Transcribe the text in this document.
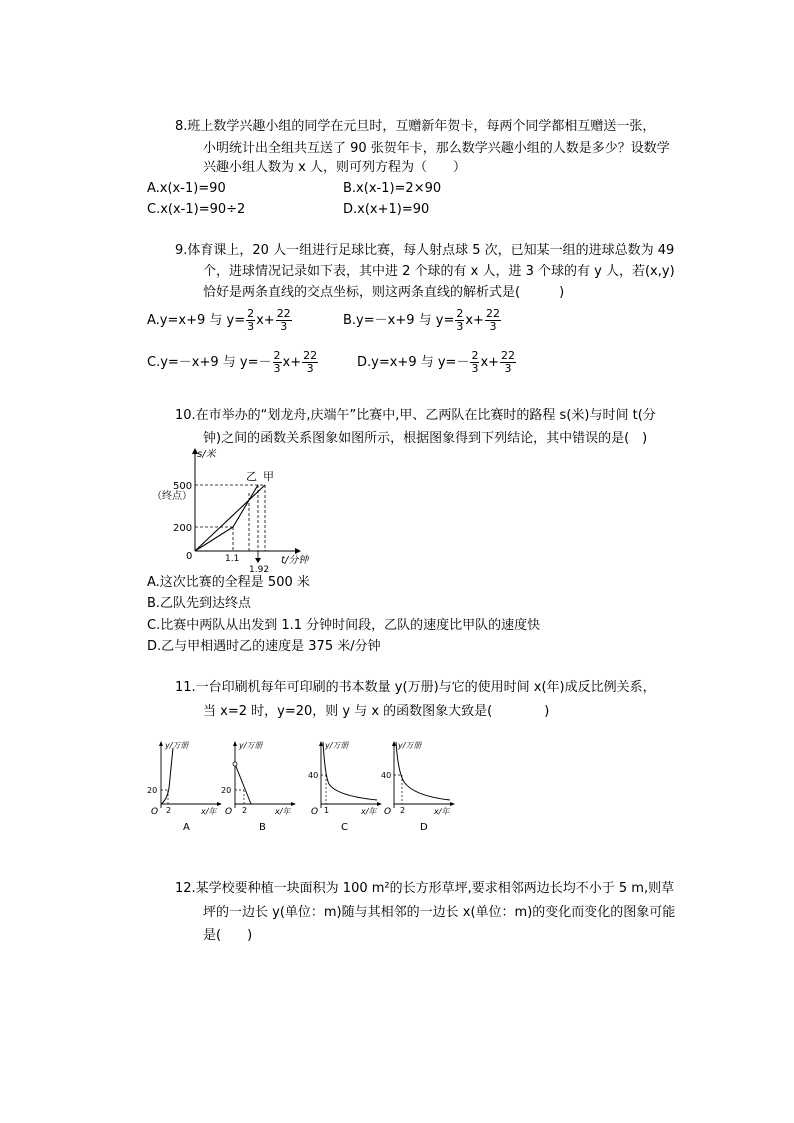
8.班上数学兴趣小组的同学在元旦时，互赠新年贺卡，每两个同学都相互赠送一张，
小明统计出全组共互送了 90 张贺年卡，那么数学兴趣小组的人数是多少？设数学
兴趣小组人数为 x 人，则可列方程为（　　）
A.x(x-1)=90	B.x(x-1)=2×90
C.x(x-1)=90÷2	D.x(x+1)=90
9.体育课上，20 人一组进行足球比赛，每人射点球 5 次，已知某一组的进球总数为 49
个，进球情况记录如下表，其中进 2 个球的有 x 人，进 3 个球的有 y 人，若(x,y)
恰好是两条直线的交点坐标，则这两条直线的解析式是(　　　)
A.y=x+9 与 $y= \frac{2}{3} x+ \frac{22}{3}$	B.y=－x+9 与 $y= \frac{2}{3} x+ \frac{22}{3}$
C.y=－x+9 与 $y=- \frac{2}{3} x+ \frac{22}{3}$	D.y=x+9 与 $y=- \frac{2}{3} x+ \frac{22}{3}$
10.在市举办的“划龙舟,庆端午”比赛中,甲、乙两队在比赛时的路程 s(米)与时间 t(分
钟)之间的函数关系图象如图所示，根据图象得到下列结论，其中错误的是(　)
s/米
500
（终点）
200
0	1.1
1.92
t/分钟
乙 甲
A.这次比赛的全程是 500 米
B.乙队先到达终点
C.比赛中两队从出发到 1.1 分钟时间段，乙队的速度比甲队的速度快
D.乙与甲相遇时乙的速度是 375 米/分钟
11.一台印刷机每年可印刷的书本数量 y(万册)与它的使用时间 x(年)成反比例关系，
当 x=2 时，y=20，则 y 与 x 的函数图象大致是(　　　　)
y/万册
20
2
O	x/年
A
y/万册
20
2
O	x/年
B
y/万册
40
1
O	x/年
C
y/万册
40
2
O	x/年
D
12.某学校要种植一块面积为 100 m²的长方形草坪,要求相邻两边长均不小于 5 m,则草
坪的一边长 y(单位：m)随与其相邻的一边长 x(单位：m)的变化而变化的图象可能
是(　　)
